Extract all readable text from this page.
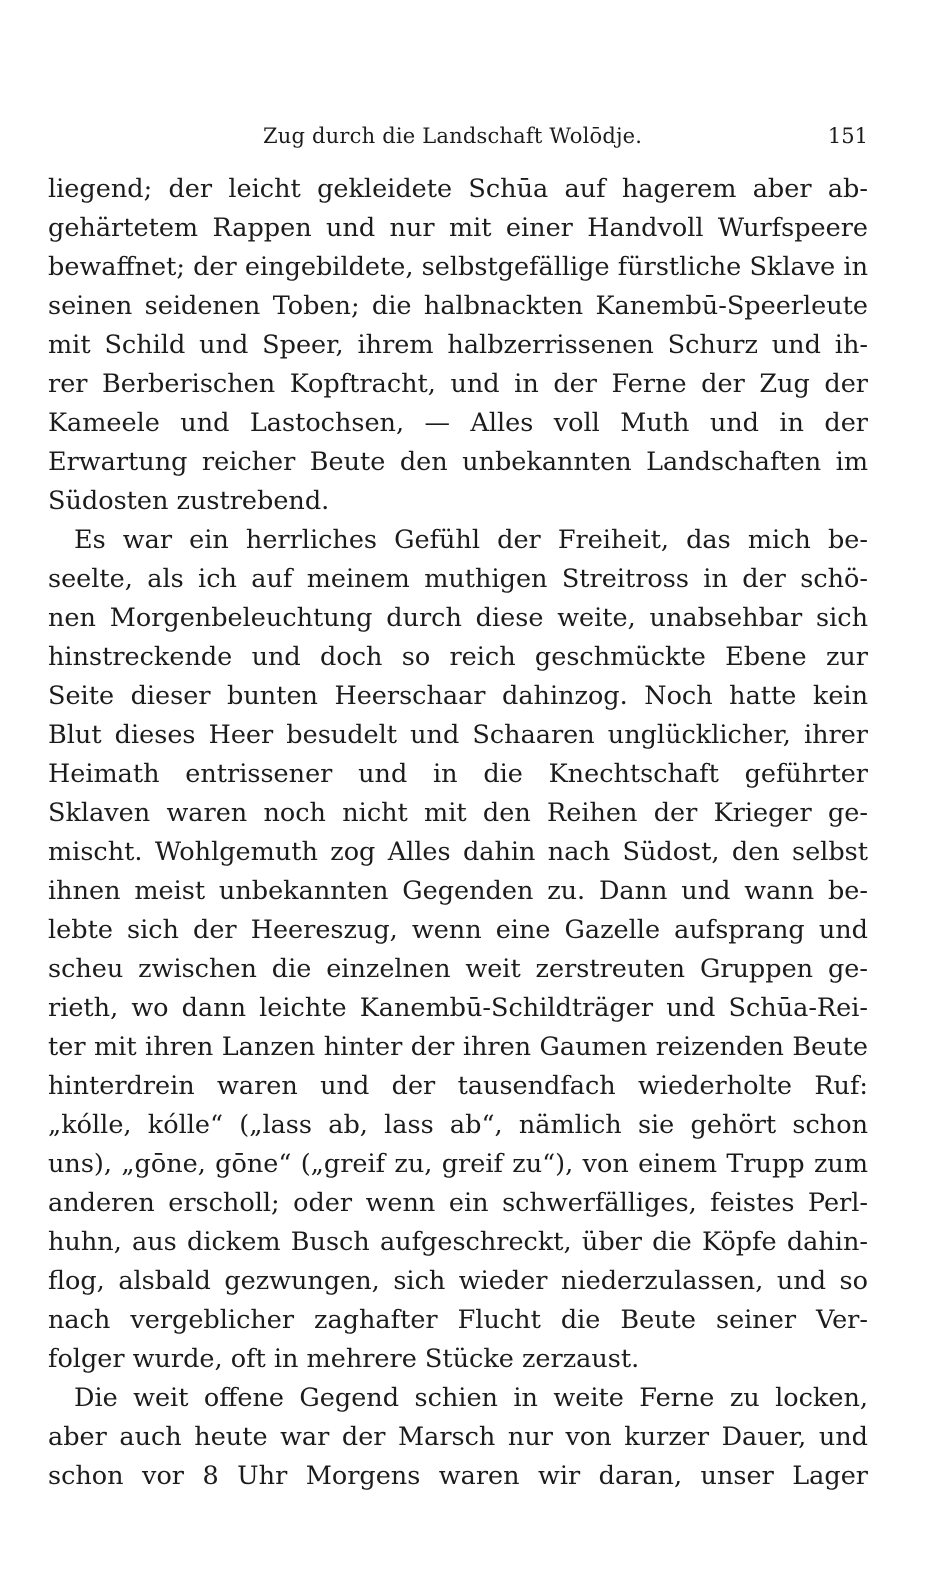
Zug durch die Landschaft Wolōdje.	151
liegend; der leicht gekleidete Schūa auf hagerem aber ab-
gehärtetem Rappen und nur mit einer Handvoll Wurfspeere
bewaffnet; der eingebildete, selbstgefällige fürstliche Sklave in
seinen seidenen Toben; die halbnackten Kanembū-Speerleute
mit Schild und Speer, ihrem halbzerrissenen Schurz und ih-
rer Berberischen Kopftracht, und in der Ferne der Zug der
Kameele und Lastochsen, — Alles voll Muth und in der
Erwartung reicher Beute den unbekannten Landschaften im
Südosten zustrebend.
Es war ein herrliches Gefühl der Freiheit, das mich be-
seelte, als ich auf meinem muthigen Streitross in der schö-
nen Morgenbeleuchtung durch diese weite, unabsehbar sich
hinstreckende und doch so reich geschmückte Ebene zur
Seite dieser bunten Heerschaar dahinzog. Noch hatte kein
Blut dieses Heer besudelt und Schaaren unglücklicher, ihrer
Heimath entrissener und in die Knechtschaft geführter
Sklaven waren noch nicht mit den Reihen der Krieger ge-
mischt. Wohlgemuth zog Alles dahin nach Südost, den selbst
ihnen meist unbekannten Gegenden zu. Dann und wann be-
lebte sich der Heereszug, wenn eine Gazelle aufsprang und
scheu zwischen die einzelnen weit zerstreuten Gruppen ge-
rieth, wo dann leichte Kanembū-Schildträger und Schūa-Rei-
ter mit ihren Lanzen hinter der ihren Gaumen reizenden Beute
hinterdrein waren und der tausendfach wiederholte Ruf:
„kólle, kólle“ („lass ab, lass ab“, nämlich sie gehört schon
uns), „gōne, gōne“ („greif zu, greif zu“), von einem Trupp zum
anderen erscholl; oder wenn ein schwerfälliges, feistes Perl-
huhn, aus dickem Busch aufgeschreckt, über die Köpfe dahin-
flog, alsbald gezwungen, sich wieder niederzulassen, und so
nach vergeblicher zaghafter Flucht die Beute seiner Ver-
folger wurde, oft in mehrere Stücke zerzaust.
Die weit offene Gegend schien in weite Ferne zu locken,
aber auch heute war der Marsch nur von kurzer Dauer, und
schon vor 8 Uhr Morgens waren wir daran, unser Lager
